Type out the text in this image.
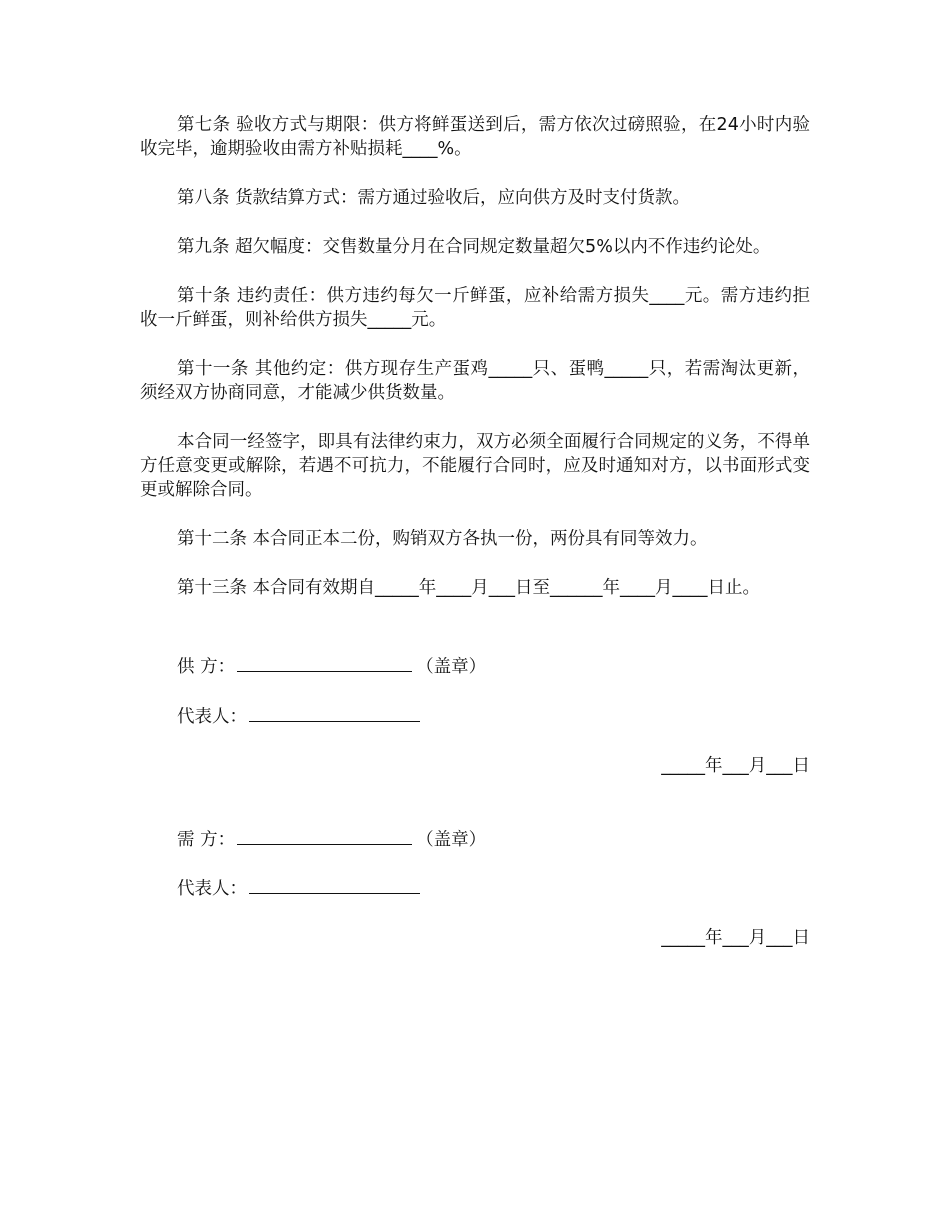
第七条 验收方式与期限：供方将鲜蛋送到后，需方依次过磅照验，在24小时内验收完毕，逾期验收由需方补贴损耗____%。

第八条 货款结算方式：需方通过验收后，应向供方及时支付货款。

第九条 超欠幅度：交售数量分月在合同规定数量超欠5%以内不作违约论处。

第十条 违约责任：供方违约每欠一斤鲜蛋，应补给需方损失____元。需方违约拒收一斤鲜蛋，则补给供方损失_____元。

第十一条 其他约定：供方现存生产蛋鸡_____只、蛋鸭_____只，若需淘汰更新，须经双方协商同意，才能减少供货数量。

本合同一经签字，即具有法律约束力，双方必须全面履行合同规定的义务，不得单方任意变更或解除，若遇不可抗力，不能履行合同时，应及时通知对方，以书面形式变更或解除合同。

第十二条 本合同正本二份，购销双方各执一份，两份具有同等效力。

第十三条 本合同有效期自_____年____月___日至______年____月____日止。

供 方：	（盖章）
代表人：
_____年___月___日
需 方：	（盖章）
代表人：
_____年___月___日
